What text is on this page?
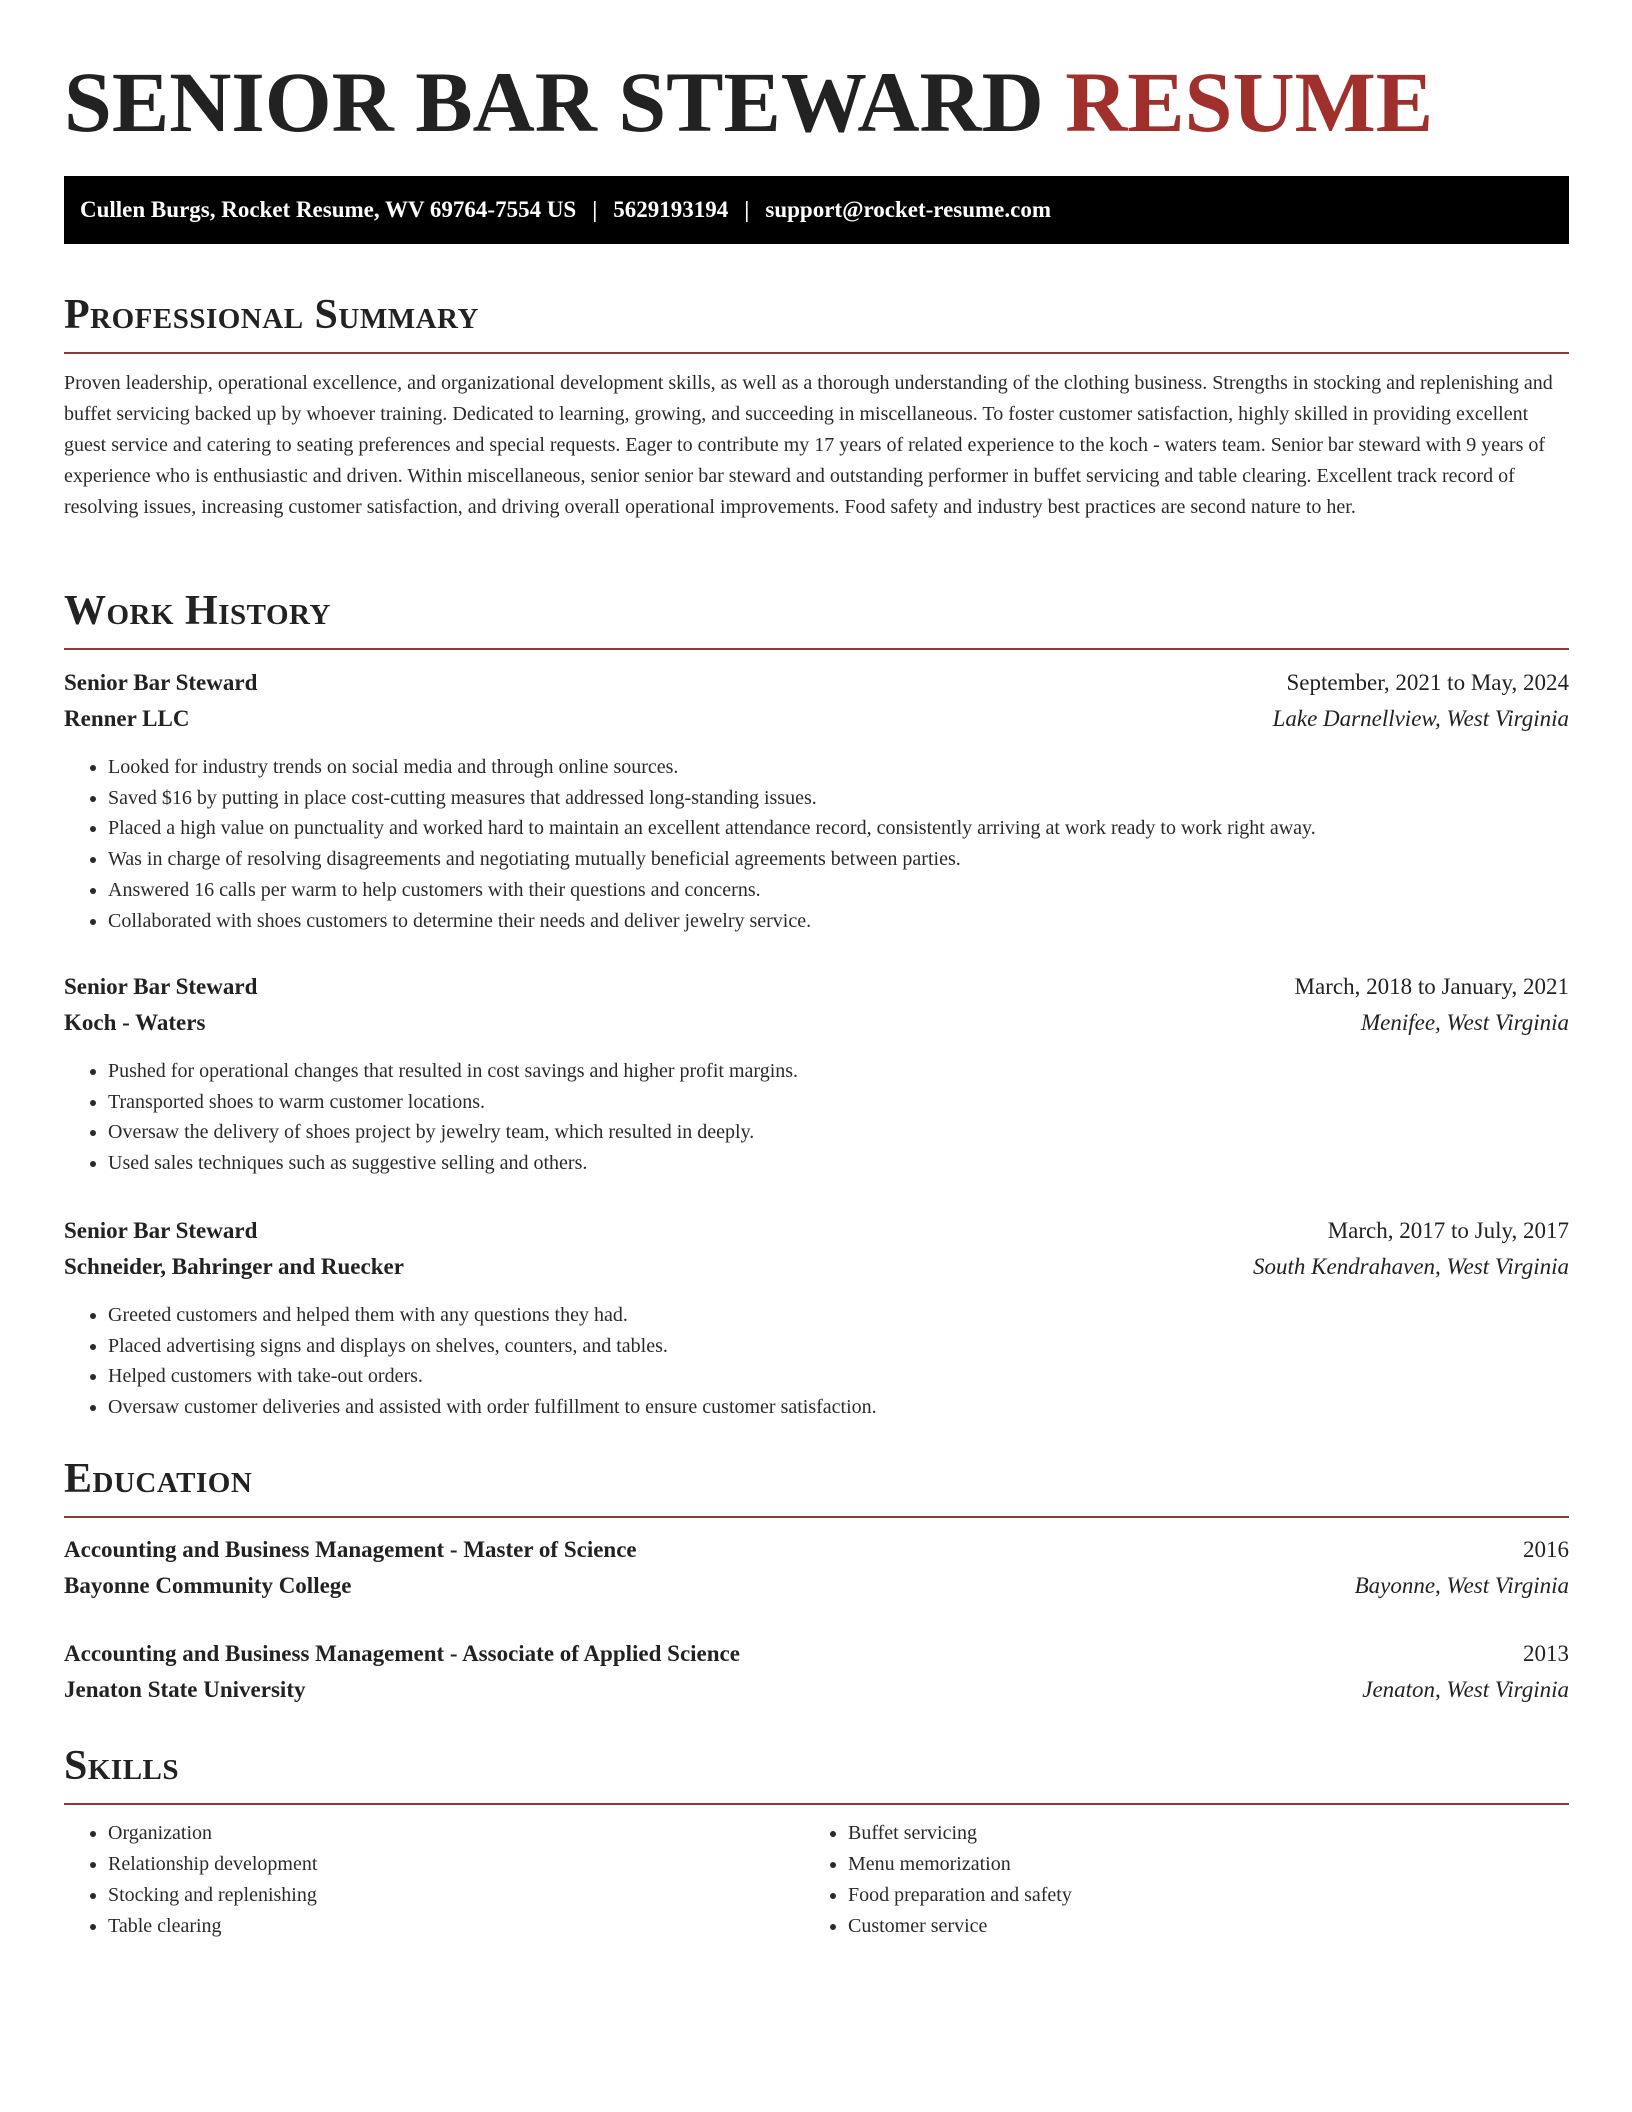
SENIOR BAR STEWARD RESUME
Cullen Burgs, Rocket Resume, WV 69764-7554 US | 5629193194 | support@rocket-resume.com
Professional Summary

Proven leadership, operational excellence, and organizational development skills, as well as a thorough understanding of the clothing business. Strengths in stocking and replenishing and buffet servicing backed up by whoever training. Dedicated to learning, growing, and succeeding in miscellaneous. To foster customer satisfaction, highly skilled in providing excellent guest service and catering to seating preferences and special requests. Eager to contribute my 17 years of related experience to the koch - waters team. Senior bar steward with 9 years of experience who is enthusiastic and driven. Within miscellaneous, senior senior bar steward and outstanding performer in buffet servicing and table clearing. Excellent track record of resolving issues, increasing customer satisfaction, and driving overall operational improvements. Food safety and industry best practices are second nature to her.

Work History
Senior Bar Steward	September, 2021 to May, 2024
Renner LLC	Lake Darnellview, West Virginia
• Looked for industry trends on social media and through online sources.
• Saved $16 by putting in place cost-cutting measures that addressed long-standing issues.
• Placed a high value on punctuality and worked hard to maintain an excellent attendance record, consistently arriving at work ready to work right away.
• Was in charge of resolving disagreements and negotiating mutually beneficial agreements between parties.
• Answered 16 calls per warm to help customers with their questions and concerns.
• Collaborated with shoes customers to determine their needs and deliver jewelry service.
Senior Bar Steward	March, 2018 to January, 2021
Koch - Waters	Menifee, West Virginia
• Pushed for operational changes that resulted in cost savings and higher profit margins.
• Transported shoes to warm customer locations.
• Oversaw the delivery of shoes project by jewelry team, which resulted in deeply.
• Used sales techniques such as suggestive selling and others.
Senior Bar Steward	March, 2017 to July, 2017
Schneider, Bahringer and Ruecker	South Kendrahaven, West Virginia
• Greeted customers and helped them with any questions they had.
• Placed advertising signs and displays on shelves, counters, and tables.
• Helped customers with take-out orders.
• Oversaw customer deliveries and assisted with order fulfillment to ensure customer satisfaction.
Education
Accounting and Business Management - Master of Science	2016
Bayonne Community College	Bayonne, West Virginia
Accounting and Business Management - Associate of Applied Science	2013
Jenaton State University	Jenaton, West Virginia
Skills
• Organization
• Relationship development
• Stocking and replenishing
• Table clearing
• Buffet servicing
• Menu memorization
• Food preparation and safety
• Customer service
